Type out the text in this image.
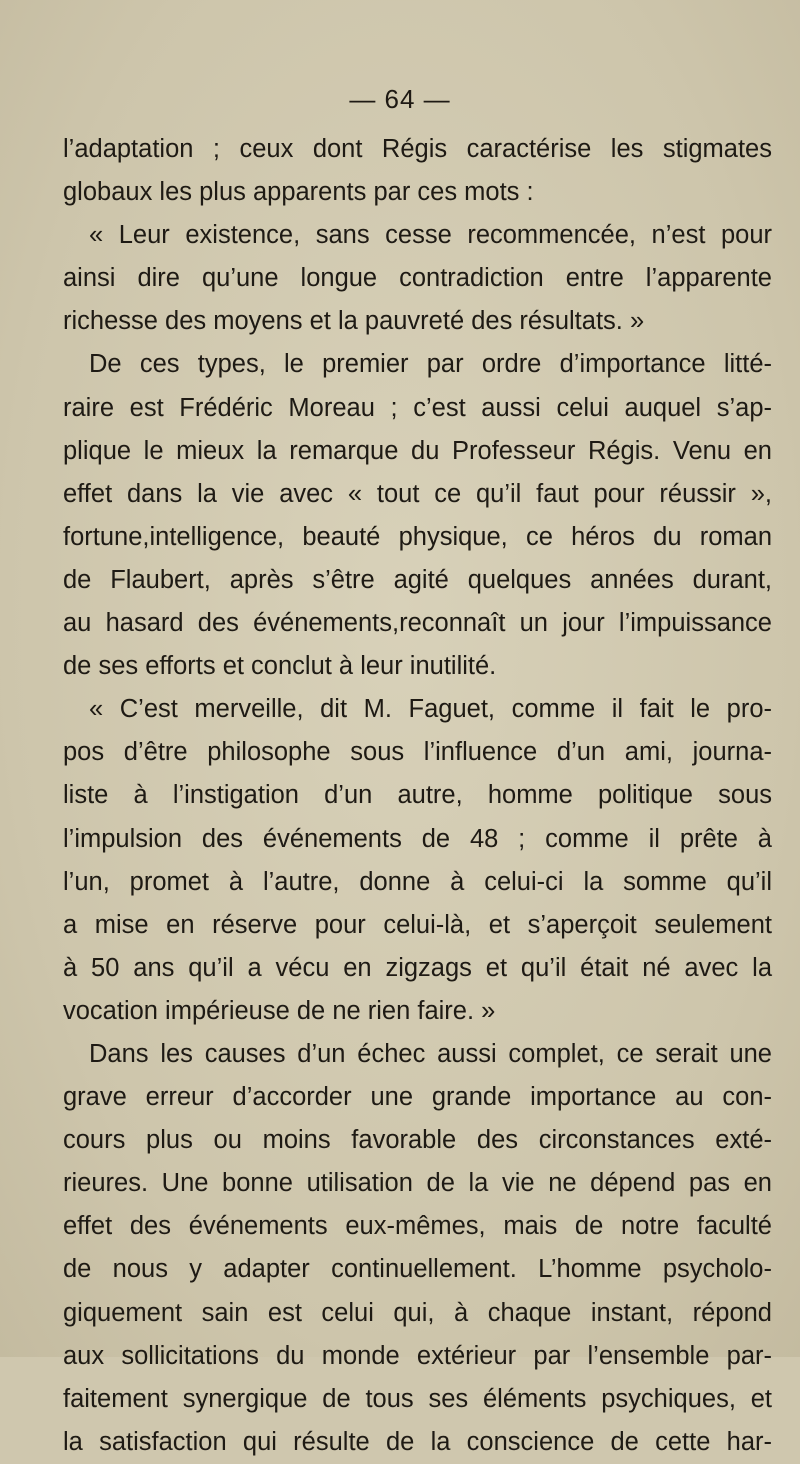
— 64 —
l’adaptation ; ceux dont Régis caractérise les stigmates
globaux les plus apparents par ces mots :
« Leur existence, sans cesse recommencée, n’est pour
ainsi dire qu’une longue contradiction entre l’apparente
richesse des moyens et la pauvreté des résultats. »
De ces types, le premier par ordre d’importance litté-
raire est Frédéric Moreau ; c’est aussi celui auquel s’ap-
plique le mieux la remarque du Professeur Régis. Venu en
effet dans la vie avec « tout ce qu’il faut pour réussir »,
fortune,intelligence, beauté physique, ce héros du roman
de Flaubert, après s’être agité quelques années durant,
au hasard des événements,reconnaît un jour l’impuissance
de ses efforts et conclut à leur inutilité.
« C’est merveille, dit M. Faguet, comme il fait le pro-
pos d’être philosophe sous l’influence d’un ami, journa-
liste à l’instigation d’un autre, homme politique sous
l’impulsion des événements de 48 ; comme il prête à
l’un, promet à l’autre, donne à celui-ci la somme qu’il
a mise en réserve pour celui-là, et s’aperçoit seulement
à 50 ans qu’il a vécu en zigzags et qu’il était né avec la
vocation impérieuse de ne rien faire. »
Dans les causes d’un échec aussi complet, ce serait une
grave erreur d’accorder une grande importance au con-
cours plus ou moins favorable des circonstances exté-
rieures. Une bonne utilisation de la vie ne dépend pas en
effet des événements eux-mêmes, mais de notre faculté
de nous y adapter continuellement. L’homme psycholo-
giquement sain est celui qui, à chaque instant, répond
aux sollicitations du monde extérieur par l’ensemble par-
faitement synergique de tous ses éléments psychiques, et
la satisfaction qui résulte de la conscience de cette har-
